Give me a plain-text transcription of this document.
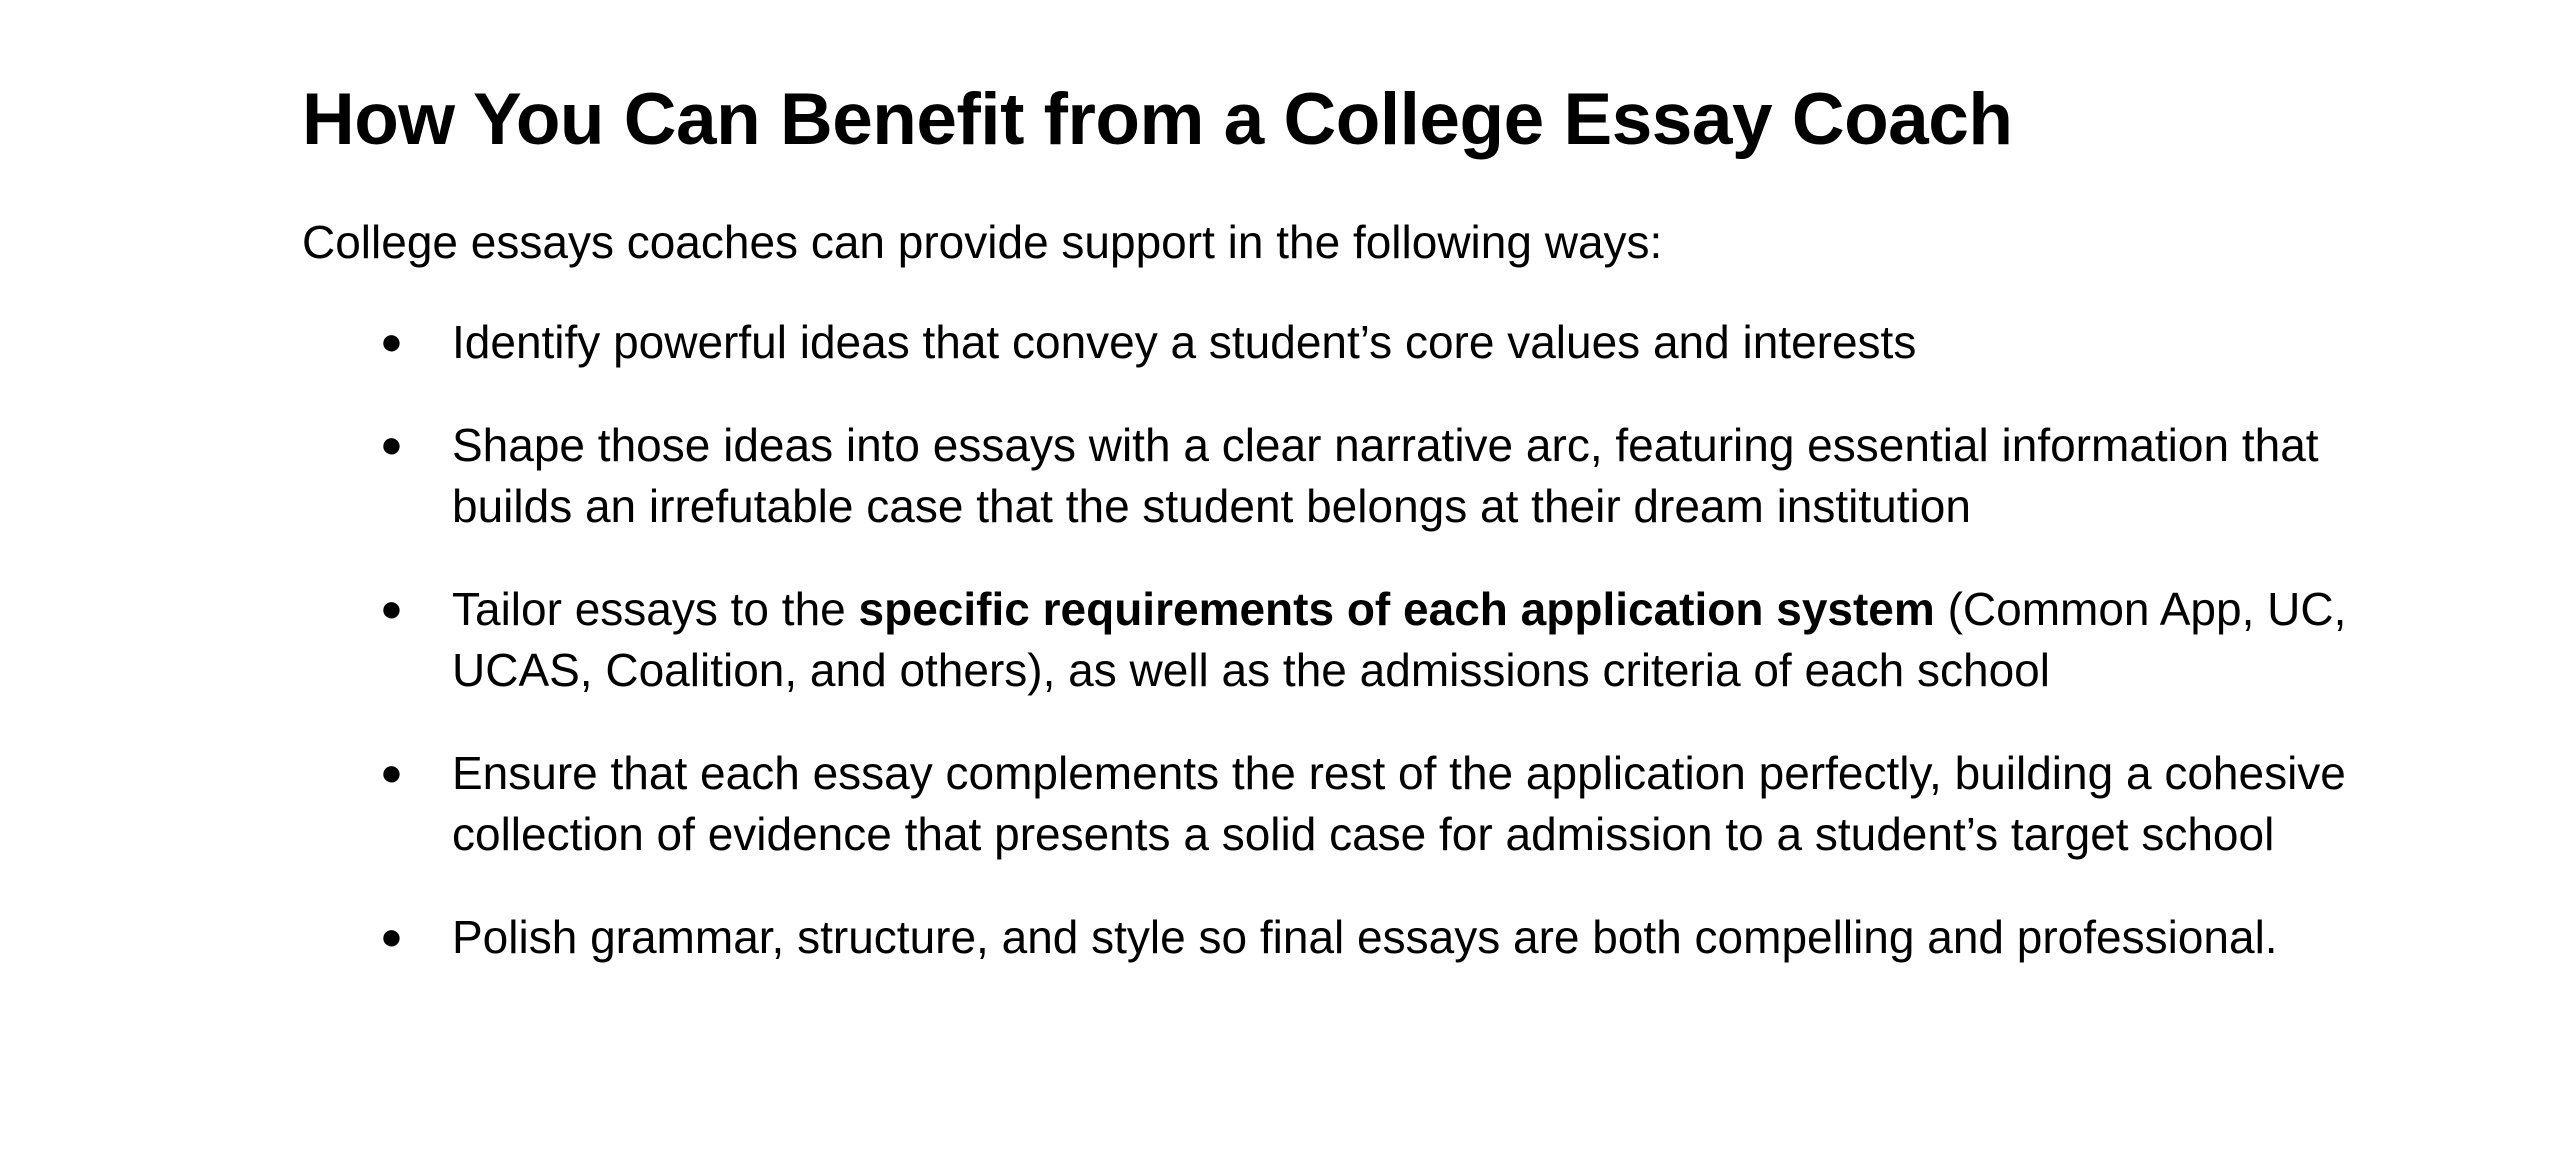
How You Can Benefit from a College Essay Coach

College essays coaches can provide support in the following ways:

● Identify powerful ideas that convey a student’s core values and interests
● Shape those ideas into essays with a clear narrative arc, featuring essential information that builds an irrefutable case that the student belongs at their dream institution
● Tailor essays to the specific requirements of each application system (Common App, UC, UCAS, Coalition, and others), as well as the admissions criteria of each school
● Ensure that each essay complements the rest of the application perfectly, building a cohesive collection of evidence that presents a solid case for admission to a student’s target school
● Polish grammar, structure, and style so final essays are both compelling and professional.
